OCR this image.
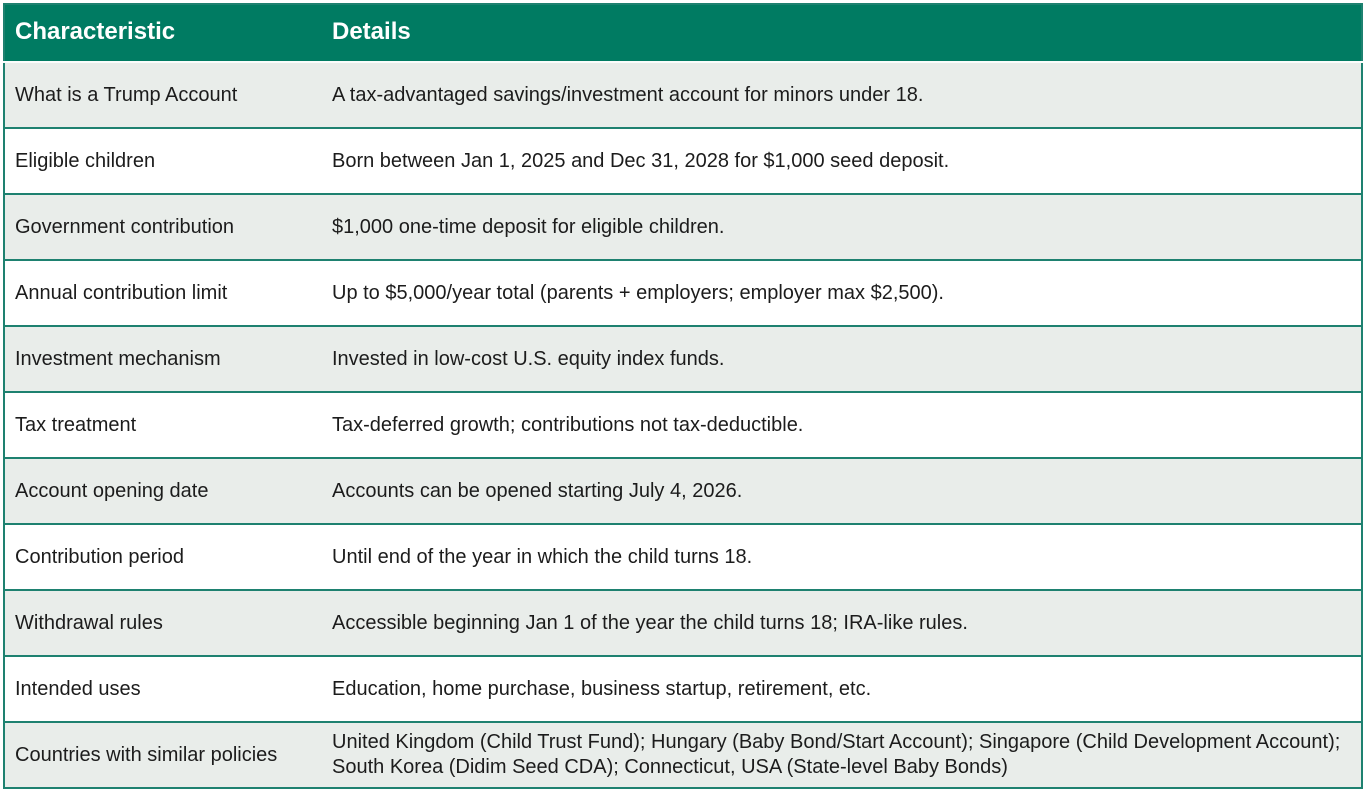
Characteristic	Details
What is a Trump Account	A tax-advantaged savings/investment account for minors under 18.
Eligible children	Born between Jan 1, 2025 and Dec 31, 2028 for $1,000 seed deposit.
Government contribution	$1,000 one-time deposit for eligible children.
Annual contribution limit	Up to $5,000/year total (parents + employers; employer max $2,500).
Investment mechanism	Invested in low-cost U.S. equity index funds.
Tax treatment	Tax-deferred growth; contributions not tax-deductible.
Account opening date	Accounts can be opened starting July 4, 2026.
Contribution period	Until end of the year in which the child turns 18.
Withdrawal rules	Accessible beginning Jan 1 of the year the child turns 18; IRA-like rules.
Intended uses	Education, home purchase, business startup, retirement, etc.
Countries with similar policies	United Kingdom (Child Trust Fund); Hungary (Baby Bond/Start Account); Singapore (Child Development Account); South Korea (Didim Seed CDA); Connecticut, USA (State-level Baby Bonds)
